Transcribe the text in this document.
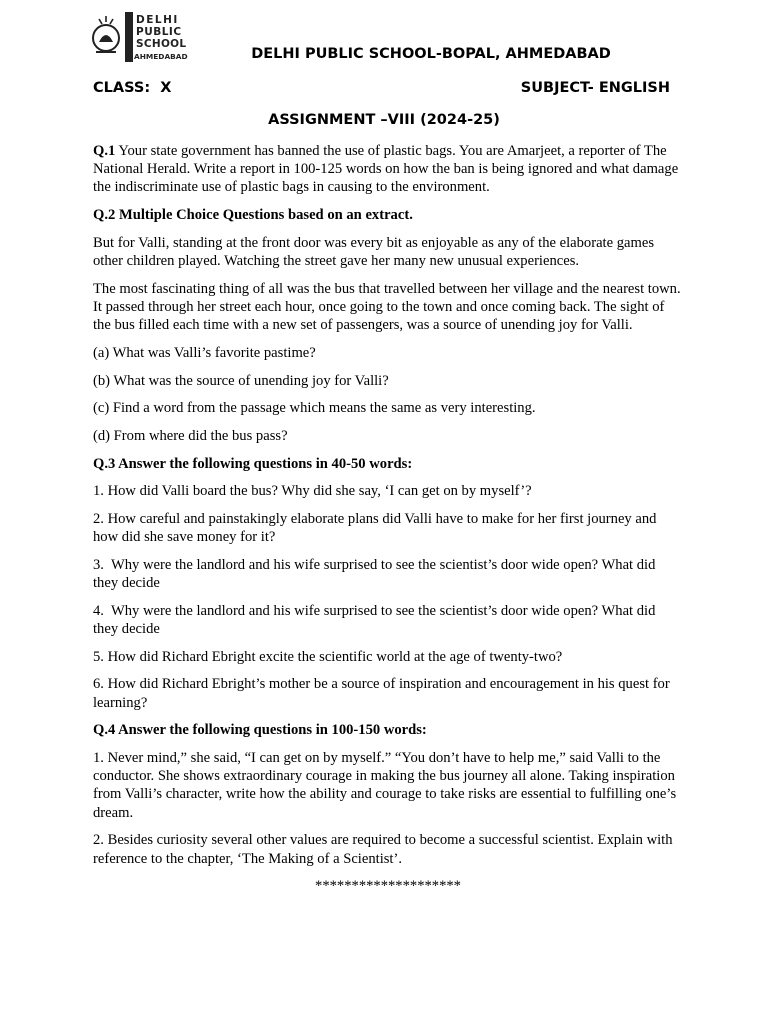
DELHI
PUBLIC
SCHOOL
AHMEDABAD	DELHI PUBLIC SCHOOL-BOPAL, AHMEDABAD
CLASS:  X	SUBJECT- ENGLISH
ASSIGNMENT –VIII (2024-25)

Q.1 Your state government has banned the use of plastic bags. You are Amarjeet, a reporter of The National Herald. Write a report in 100-125 words on how the ban is being ignored and what damage the indiscriminate use of plastic bags in causing to the environment.

Q.2 Multiple Choice Questions based on an extract.

But for Valli, standing at the front door was every bit as enjoyable as any of the elaborate games other children played. Watching the street gave her many new unusual experiences.

The most fascinating thing of all was the bus that travelled between her village and the nearest town. It passed through her street each hour, once going to the town and once coming back. The sight of the bus filled each time with a new set of passengers, was a source of unending joy for Valli.

(a) What was Valli’s favorite pastime?

(b) What was the source of unending joy for Valli?

(c) Find a word from the passage which means the same as very interesting.

(d) From where did the bus pass?

Q.3 Answer the following questions in 40-50 words:

1. How did Valli board the bus? Why did she say, ‘I can get on by myself’?

2. How careful and painstakingly elaborate plans did Valli have to make for her first journey and how did she save money for it?

3.  Why were the landlord and his wife surprised to see the scientist’s door wide open? What did they decide

4.  Why were the landlord and his wife surprised to see the scientist’s door wide open? What did they decide

5. How did Richard Ebright excite the scientific world at the age of twenty-two?

6. How did Richard Ebright’s mother be a source of inspiration and encouragement in his quest for learning?

Q.4 Answer the following questions in 100-150 words:

1. Never mind,” she said, “I can get on by myself.” “You don’t have to help me,” said Valli to the conductor. She shows extraordinary courage in making the bus journey all alone. Taking inspiration from Valli’s character, write how the ability and courage to take risks are essential to fulfilling one’s dream.

2. Besides curiosity several other values are required to become a successful scientist. Explain with reference to the chapter, ‘The Making of a Scientist’.

********************
